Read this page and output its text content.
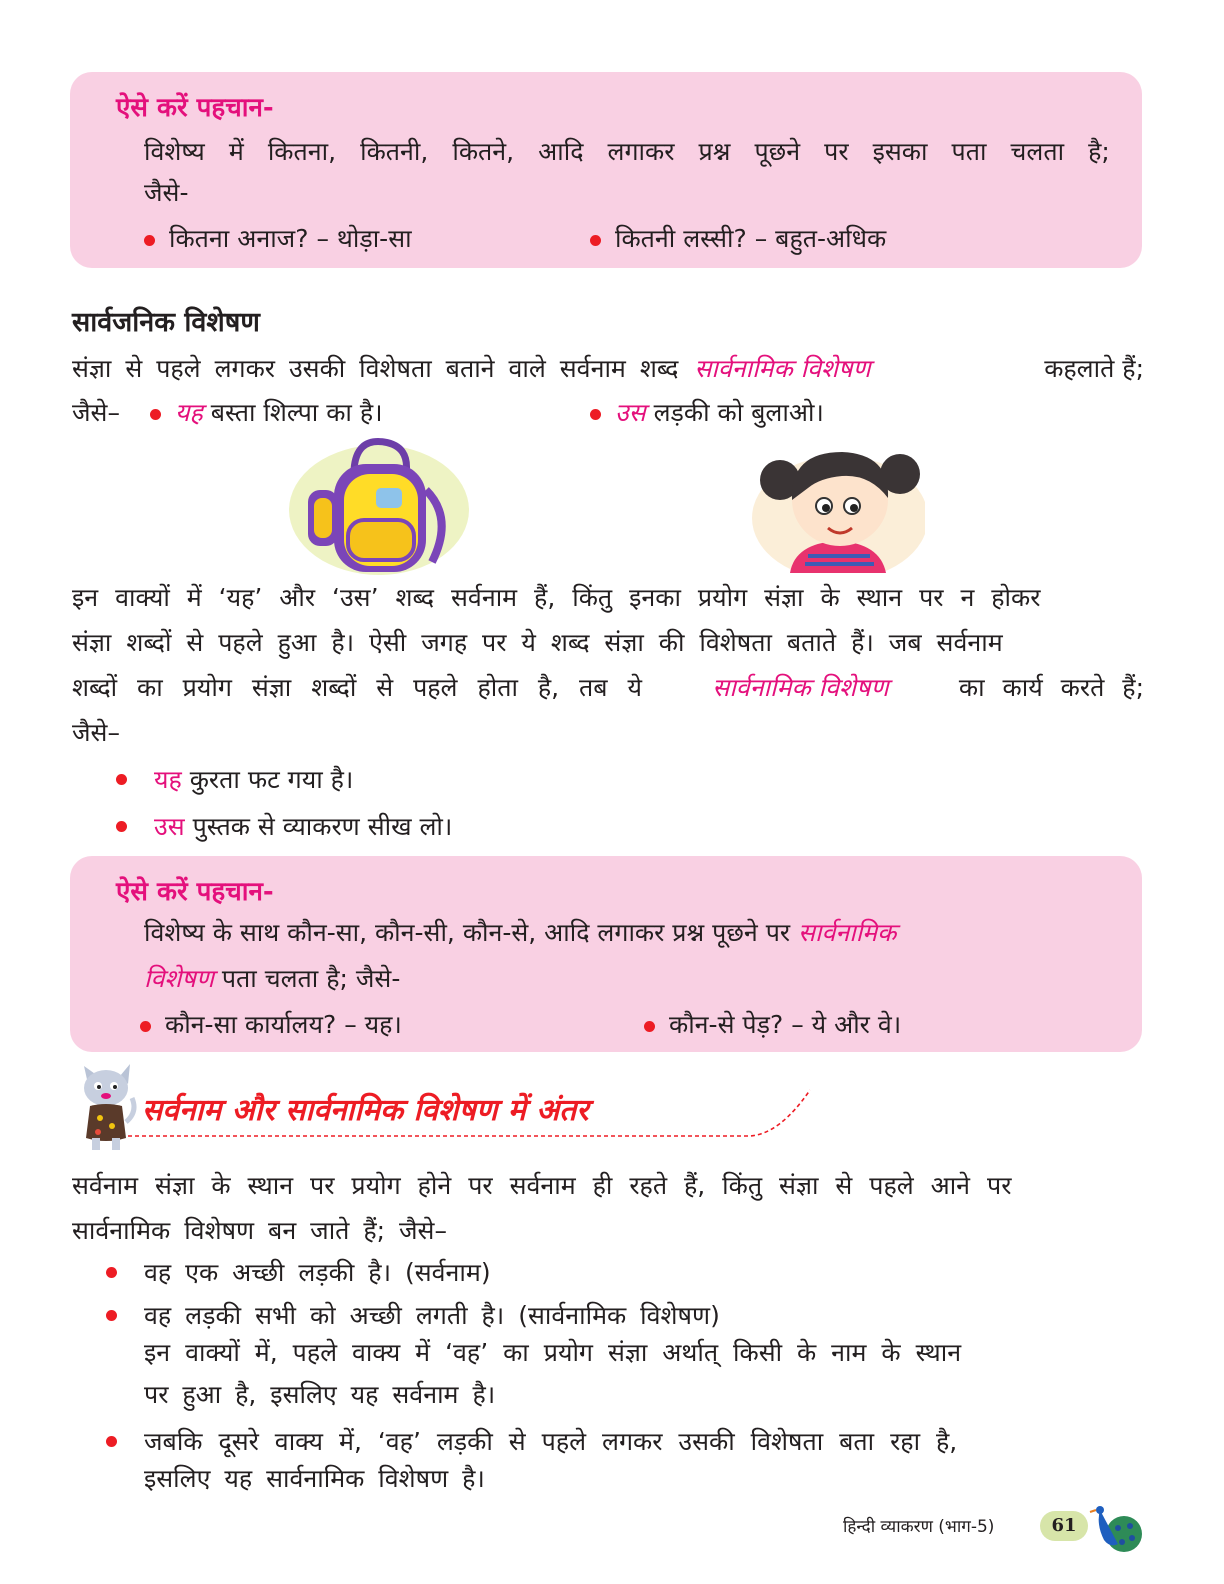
ऐसे करें पहचान-
विशेष्य में कितना, कितनी, कितने, आदि लगाकर प्रश्न पूछने पर इसका पता चलता है;
जैसे-
कितना अनाज? – थोड़ा-सा	कितनी लस्सी? – बहुत-अधिक
सार्वजनिक विशेषण
संज्ञा से पहले लगकर उसकी विशेषता बताने वाले सर्वनाम शब्द सार्वनामिक विशेषण	कहलाते हैं;
जैसे–	यह बस्ता शिल्पा का है।	उस लड़की को बुलाओ।
इन वाक्यों में ‘यह’ और ‘उस’ शब्द सर्वनाम हैं, किंतु इनका प्रयोग संज्ञा के स्थान पर न होकर
संज्ञा शब्दों से पहले हुआ है। ऐसी जगह पर ये शब्द संज्ञा की विशेषता बताते हैं। जब सर्वनाम
शब्दों का प्रयोग संज्ञा शब्दों से पहले होता है, तब ये	सार्वनामिक विशेषण	का कार्य करते हैं;
जैसे–
यह कुरता फट गया है।
उस पुस्तक से व्याकरण सीख लो।
ऐसे करें पहचान-
विशेष्य के साथ कौन-सा, कौन-सी, कौन-से, आदि लगाकर प्रश्न पूछने पर सार्वनामिक
विशेषण पता चलता है; जैसे-
कौन-सा कार्यालय? – यह।	कौन-से पेड़? – ये और वे।
सर्वनाम और सार्वनामिक विशेषण में अंतर
सर्वनाम संज्ञा के स्थान पर प्रयोग होने पर सर्वनाम ही रहते हैं, किंतु संज्ञा से पहले आने पर
सार्वनामिक विशेषण बन जाते हैं; जैसे–
वह एक अच्छी लड़की है। (सर्वनाम)
वह लड़की सभी को अच्छी लगती है। (सार्वनामिक विशेषण)
इन वाक्यों में, पहले वाक्य में ‘वह’ का प्रयोग संज्ञा अर्थात् किसी के नाम के स्थान
पर हुआ है, इसलिए यह सर्वनाम है।
जबकि दूसरे वाक्य में, ‘वह’ लड़की से पहले लगकर उसकी विशेषता बता रहा है,
इसलिए यह सार्वनामिक विशेषण है।
हिन्दी व्याकरण (भाग-5)	61
